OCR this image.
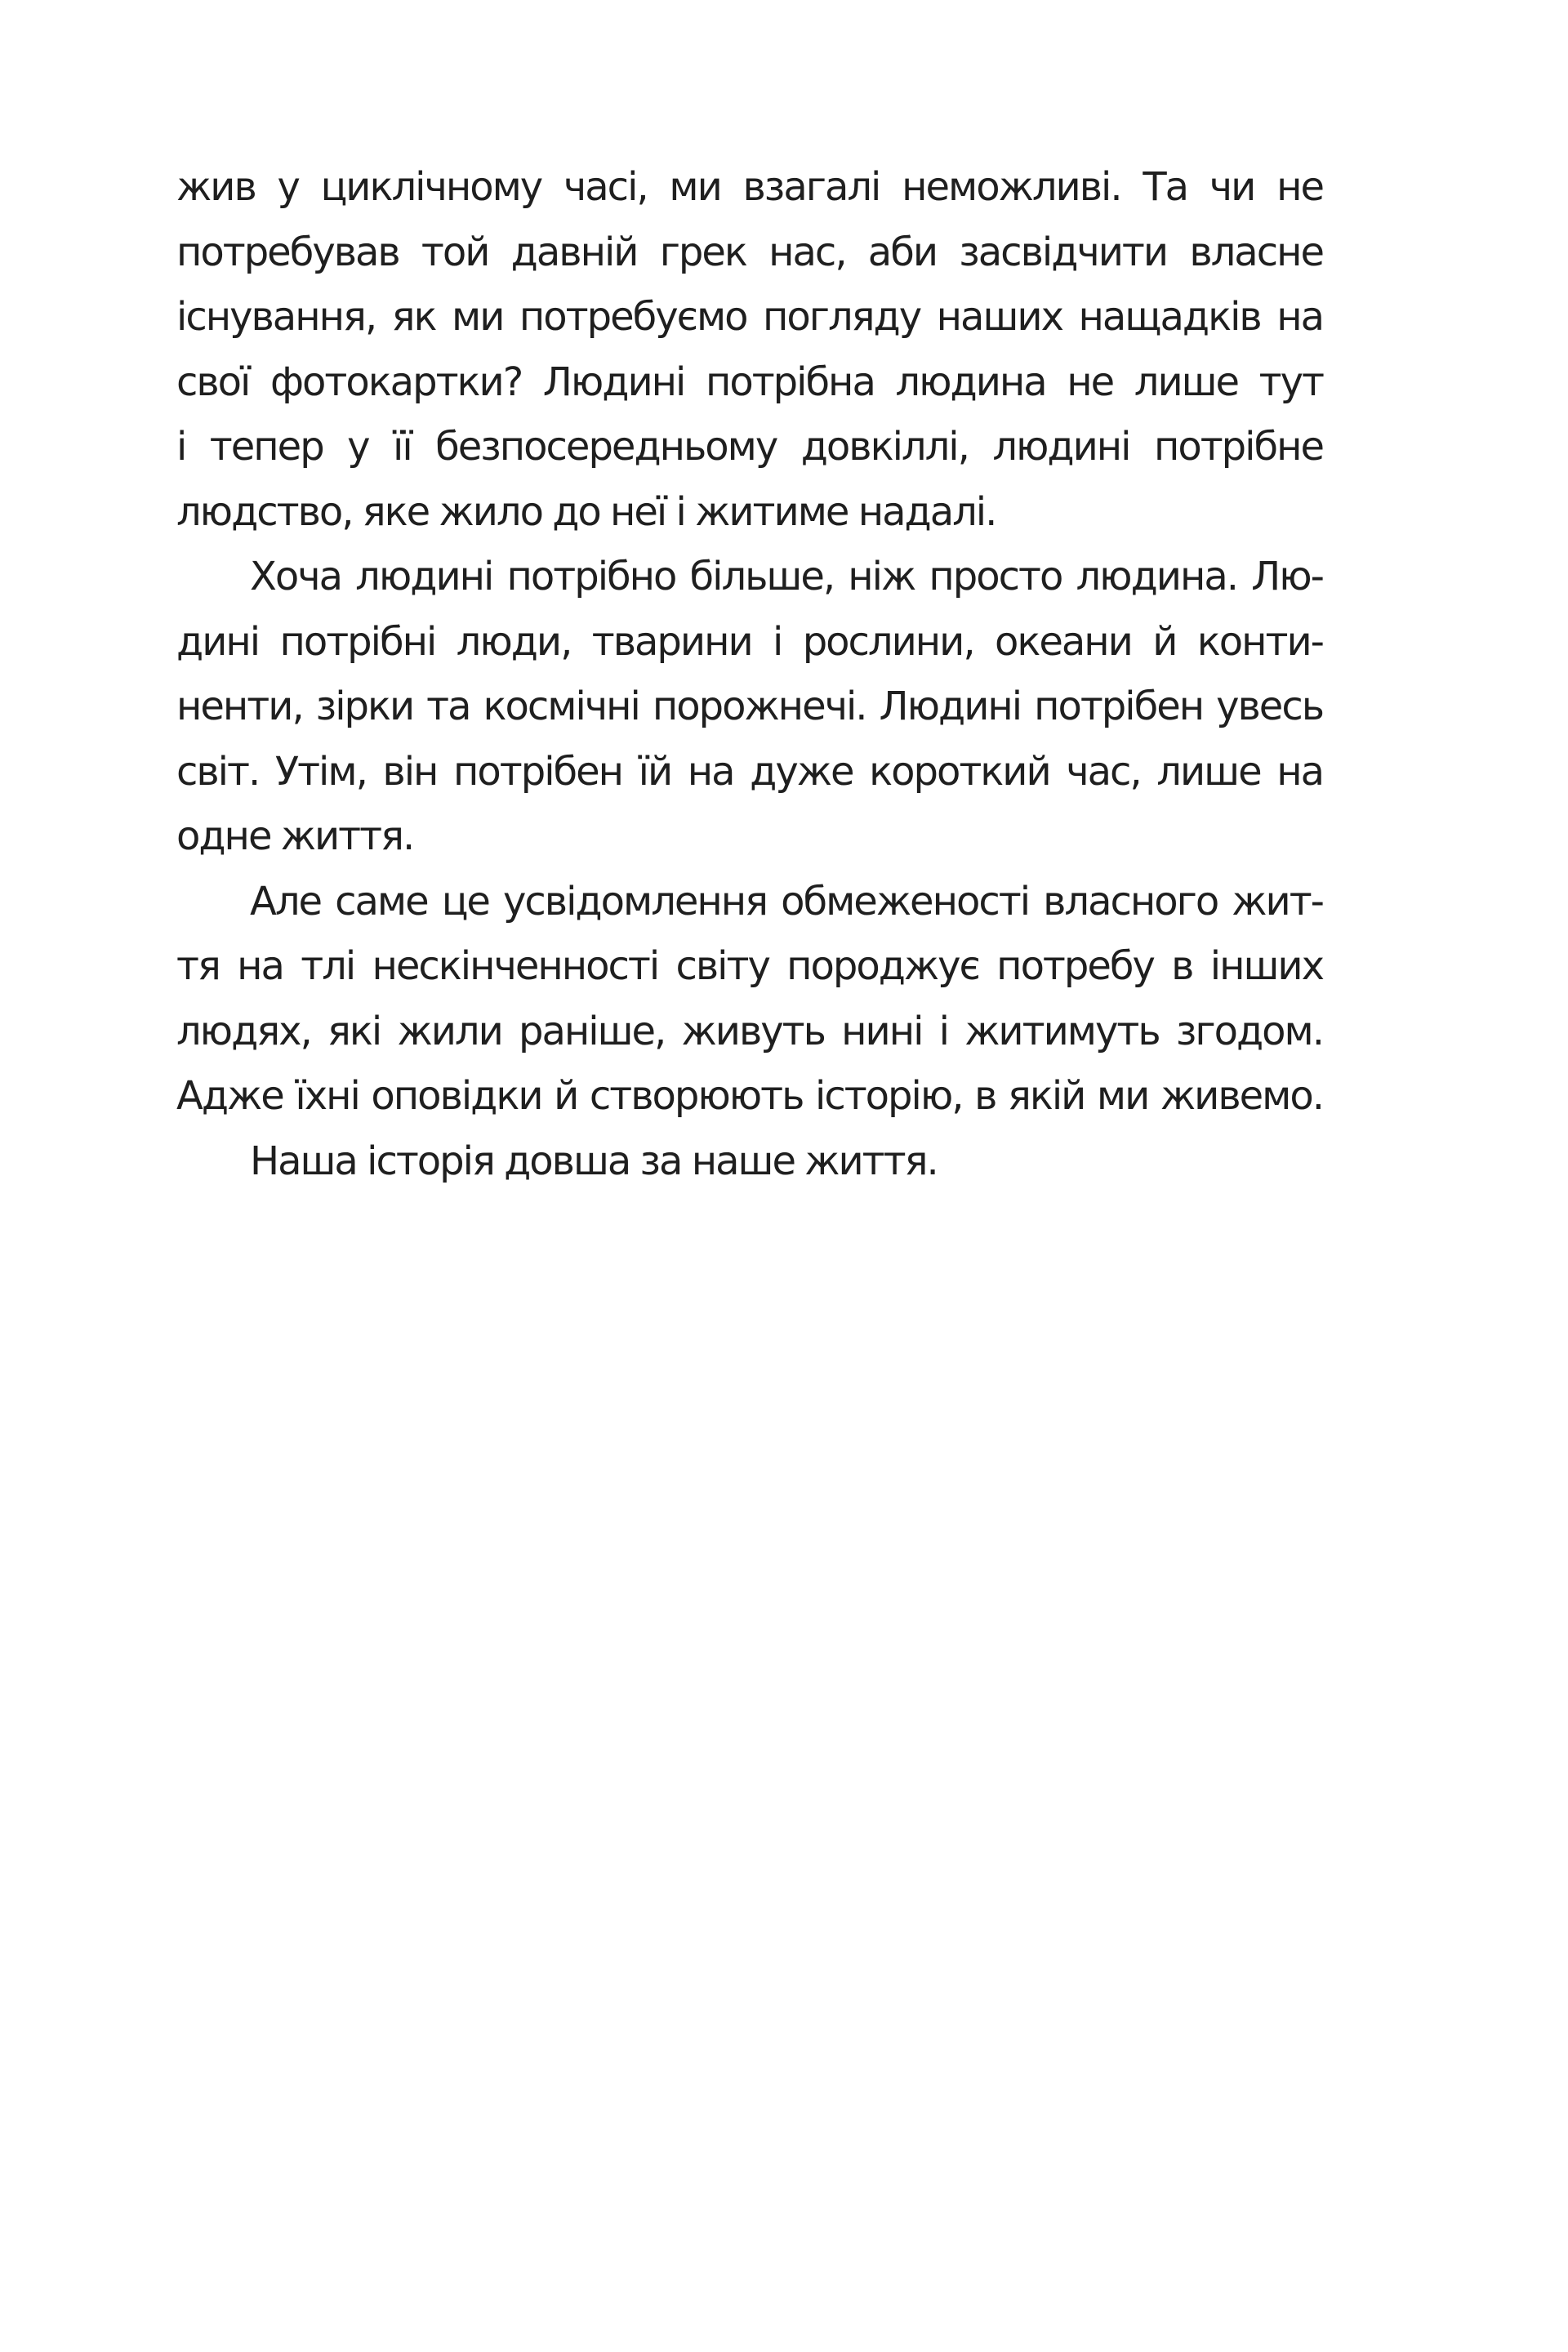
жив у циклічному часі, ми взагалі неможливі. Та чи не
потребував той давній грек нас, аби засвідчити власне
існування, як ми потребуємо погляду наших нащадків на
свої фотокартки? Людині потрібна людина не лише тут
і тепер у її безпосередньому довкіллі, людині потрібне
людство, яке жило до неї і житиме надалі.

Хоча людині потрібно більше, ніж просто людина. Лю-
дині потрібні люди, тварини і рослини, океани й конти-
ненти, зірки та космічні порожнечі. Людині потрібен увесь
світ. Утім, він потрібен їй на дуже короткий час, лише на
одне життя.

Але саме це усвідомлення обмеженості власного жит-
тя на тлі нескінченності світу породжує потребу в інших
людях, які жили раніше, живуть нині і житимуть згодом.
Адже їхні оповідки й створюють історію, в якій ми живемо.

Наша історія довша за наше життя.
